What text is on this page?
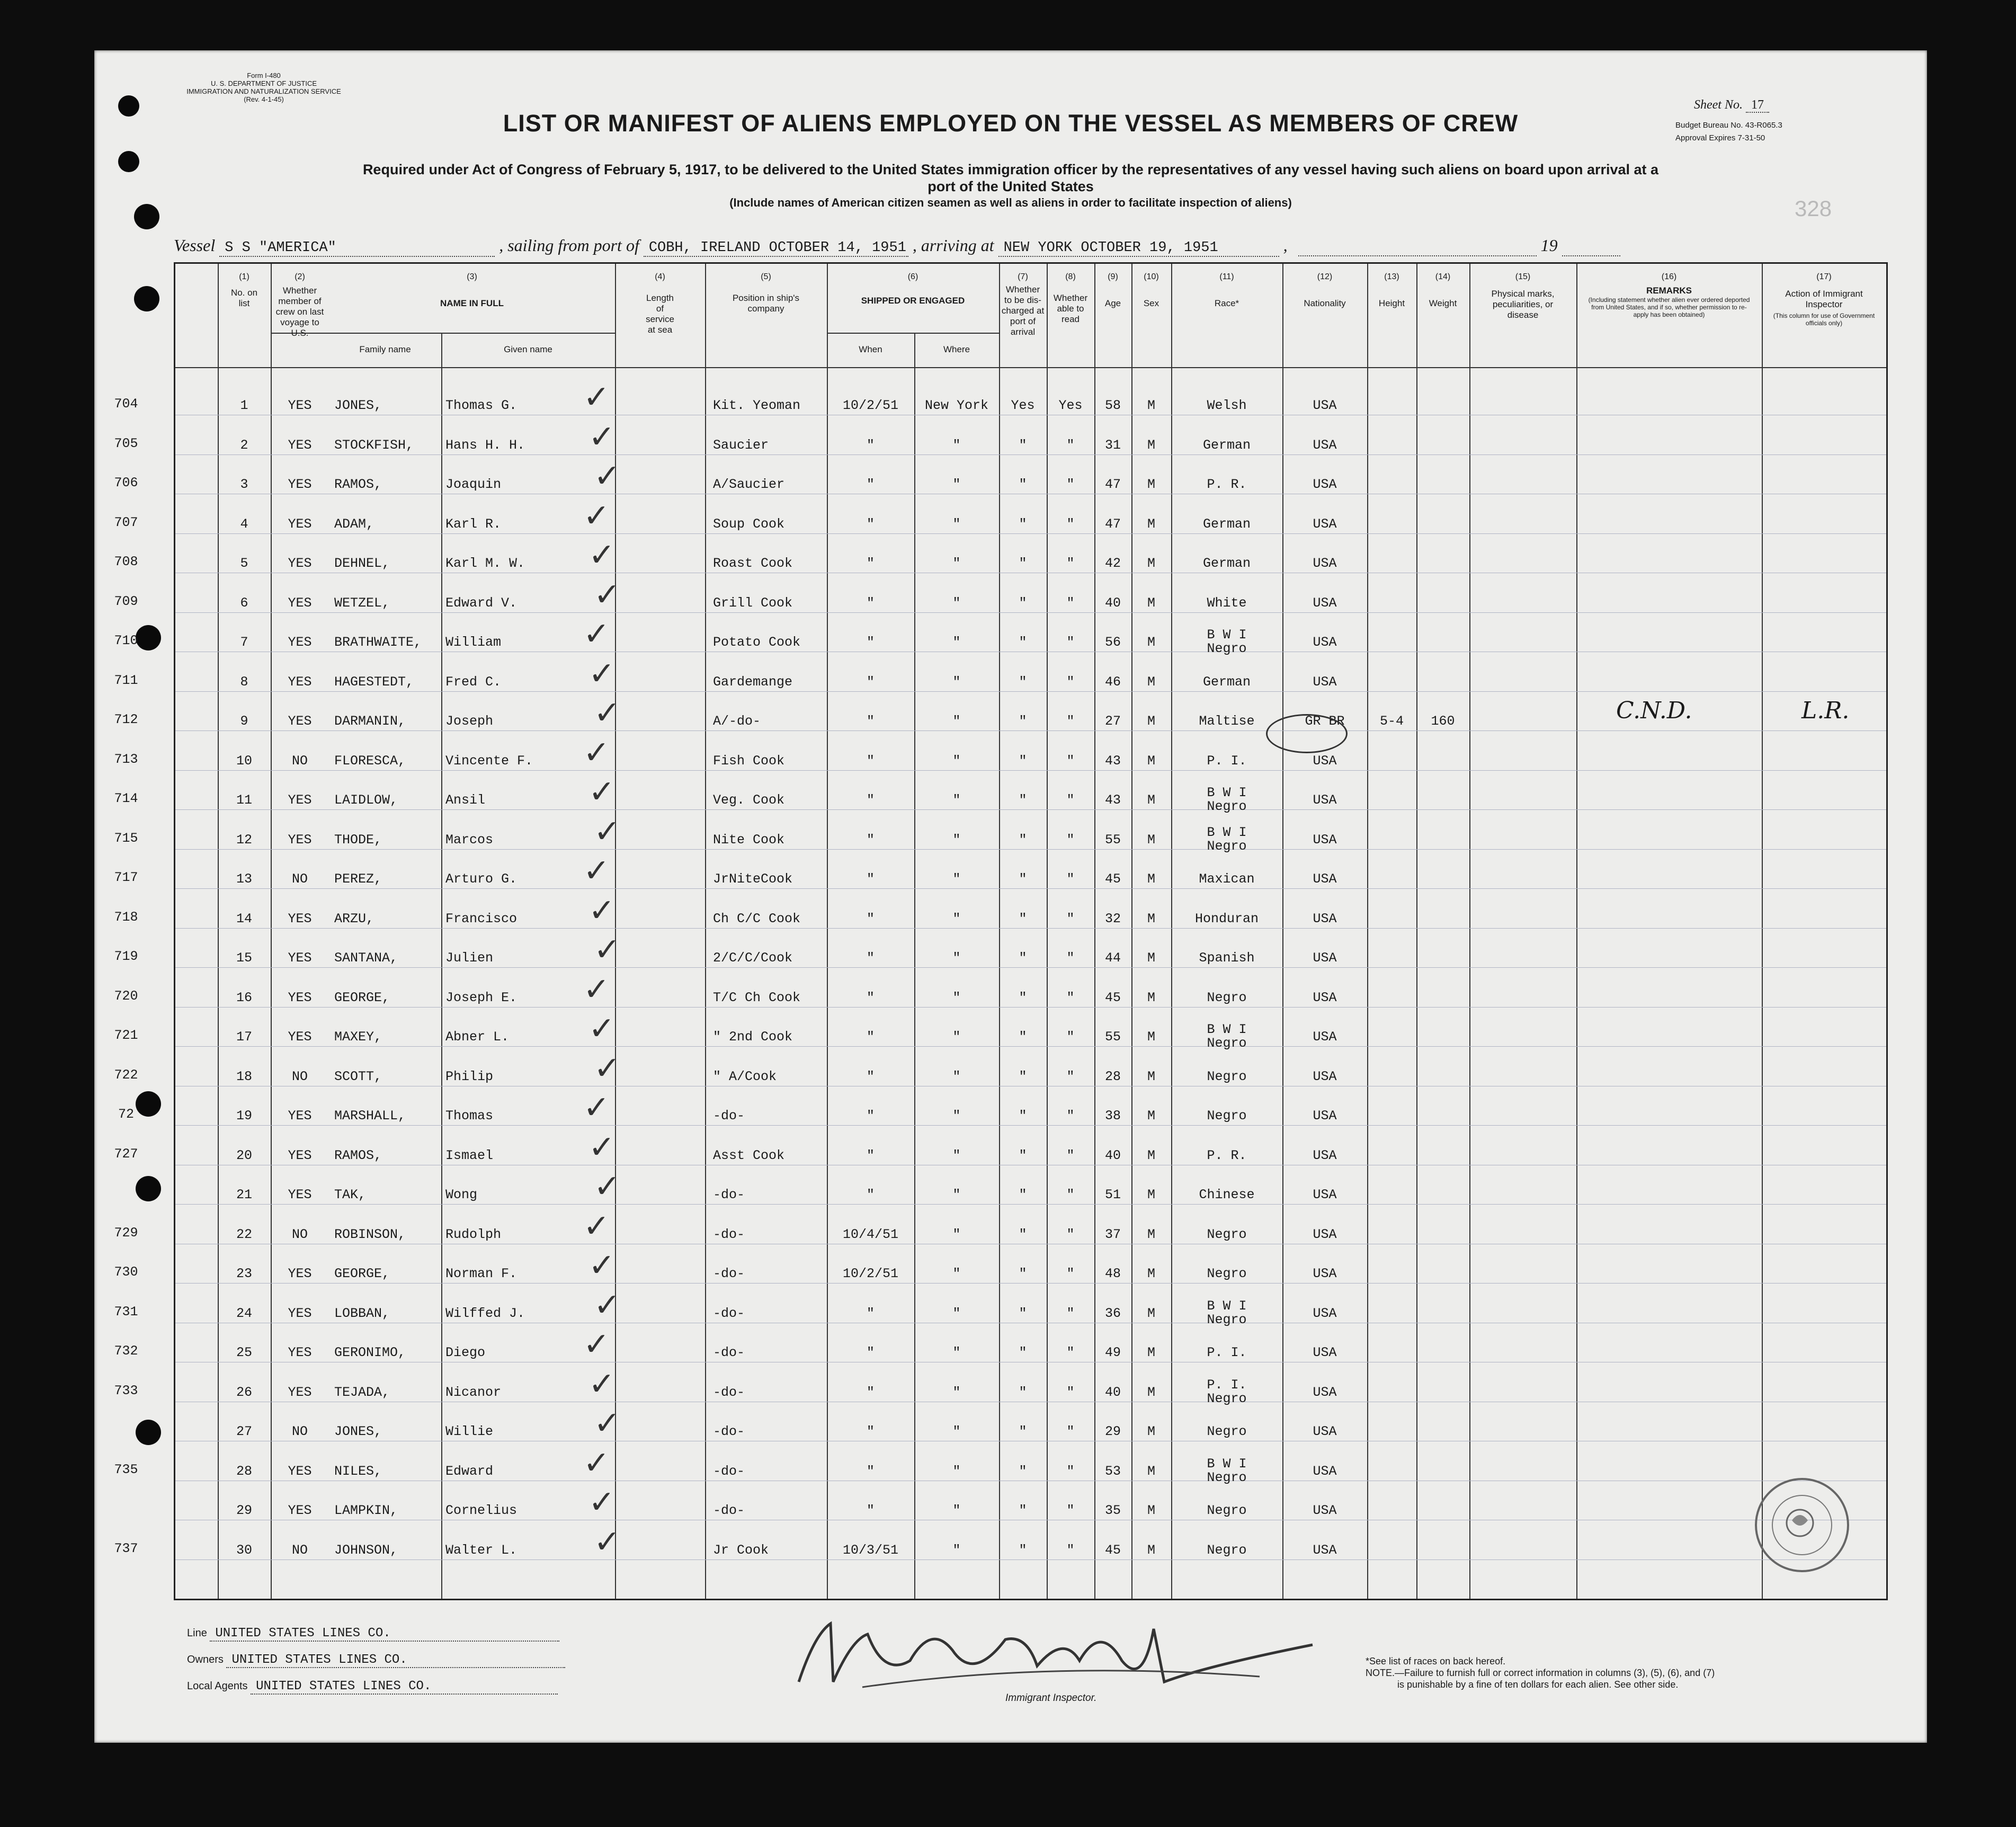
Form I-480
U. S. DEPARTMENT OF JUSTICE
IMMIGRATION AND NATURALIZATION SERVICE
(Rev. 4-1-45)	Sheet No. 17
Budget Bureau No. 43-R065.3
Approval Expires 7-31-50
328
LIST OR MANIFEST OF ALIENS EMPLOYED ON THE VESSEL AS MEMBERS OF CREW
Required under Act of Congress of February 5, 1917, to be delivered to the United States immigration officer by the representatives of any vessel having such aliens on board upon arrival at a
port of the United States
(Include names of American citizen seamen as well as aliens in order to facilitate inspection of aliens)
Vessel S S "AMERICA"	, sailing from port of COBH, IRELAND OCTOBER 14, 1951 , arriving at NEW YORK OCTOBER 19, 1951	,	19
(1)
No. on list
(2)
Whether member of crew on last voyage to U.S.
(3)
NAME IN FULL
Family name	Given name
(4)
Length of service at sea
(5)
Position in ship's company
(6)
SHIPPED OR ENGAGED
When	Where
(7)
Whether to be dis-charged at port of arrival
(8)
Whether able to read
(9)
Age
(10)
Sex
(11)
Race*
(12)
Nationality
(13)
Height
(14)
Weight
(15)
Physical marks, peculiarities, or disease
(16)
REMARKS
(Including statement whether alien ever ordered deported from United States, and if so, whether permission to re-apply has been obtained)
(17)
Action of Immigrant Inspector
(This column for use of Government officials only)
1	YES	JONES,	Thomas G.	Kit. Yeoman	10/2/51	New York	Yes	Yes	58	M	Welsh	USA
✓
2	YES	STOCKFISH,	Hans H. H.	Saucier	"	"	"	"	31	M	German	USA
✓
3	YES	RAMOS,	Joaquin	A/Saucier	"	"	"	"	47	M	P. R.	USA
✓
4	YES	ADAM,	Karl R.	Soup Cook	"	"	"	"	47	M	German	USA
✓
5	YES	DEHNEL,	Karl M. W.	Roast Cook	"	"	"	"	42	M	German	USA
✓
6	YES	WETZEL,	Edward V.	Grill Cook	"	"	"	"	40	M	White	USA
✓
7	YES	BRATHWAITE,	William	Potato Cook	"	"	"	"	56	M	B W I
Negro	USA
✓
8	YES	HAGESTEDT,	Fred C.	Gardemange	"	"	"	"	46	M	German	USA
✓
9	YES	DARMANIN,	Joseph	A/-do-	"	"	"	"	27	M	Maltise	GR BR	5-4	160
✓	C.N.D.	L.R.
10	NO	FLORESCA,	Vincente F.	Fish Cook	"	"	"	"	43	M	P. I.	USA
✓
11	YES	LAIDLOW,	Ansil	Veg. Cook	"	"	"	"	43	M	B W I
Negro	USA
✓
12	YES	THODE,	Marcos	Nite Cook	"	"	"	"	55	M	B W I
Negro	USA
✓
13	NO	PEREZ,	Arturo G.	JrNiteCook	"	"	"	"	45	M	Maxican	USA
✓
14	YES	ARZU,	Francisco	Ch C/C Cook	"	"	"	"	32	M	Honduran	USA
✓
15	YES	SANTANA,	Julien	2/C/C/Cook	"	"	"	"	44	M	Spanish	USA
✓
16	YES	GEORGE,	Joseph E.	T/C Ch Cook	"	"	"	"	45	M	Negro	USA
✓
17	YES	MAXEY,	Abner L.	" 2nd Cook	"	"	"	"	55	M	B W I
Negro	USA
✓
18	NO	SCOTT,	Philip	" A/Cook	"	"	"	"	28	M	Negro	USA
✓
19	YES	MARSHALL,	Thomas	-do-	"	"	"	"	38	M	Negro	USA
✓
20	YES	RAMOS,	Ismael	Asst Cook	"	"	"	"	40	M	P. R.	USA
✓
21	YES	TAK,	Wong	-do-	"	"	"	"	51	M	Chinese	USA
✓
22	NO	ROBINSON,	Rudolph	-do-	10/4/51	"	"	"	37	M	Negro	USA
✓
23	YES	GEORGE,	Norman F.	-do-	10/2/51	"	"	"	48	M	Negro	USA
✓
24	YES	LOBBAN,	Wilffed J.	-do-	"	"	"	"	36	M	B W I
Negro	USA
✓
25	YES	GERONIMO,	Diego	-do-	"	"	"	"	49	M	P. I.	USA
✓
26	YES	TEJADA,	Nicanor	-do-	"	"	"	"	40	M	P. I.
Negro	USA
✓
27	NO	JONES,	Willie	-do-	"	"	"	"	29	M	Negro	USA
✓
28	YES	NILES,	Edward	-do-	"	"	"	"	53	M	B W I
Negro	USA
✓
29	YES	LAMPKIN,	Cornelius	-do-	"	"	"	"	35	M	Negro	USA
✓
30	NO	JOHNSON,	Walter L.	Jr Cook	10/3/51	"	"	"	45	M	Negro	USA
✓
704
705
706
707
708
709
710
711
712
713
714
715
717
718
719
720
721
722
72
727
729
730
731
732
733
735
737
Line UNITED STATES LINES CO.
Owners UNITED STATES LINES CO.
Local Agents UNITED STATES LINES CO.
Immigrant Inspector.
*See list of races on back hereof.
NOTE.—Failure to furnish full or correct information in columns (3), (5), (6), and (7)
is punishable by a fine of ten dollars for each alien. See other side.
